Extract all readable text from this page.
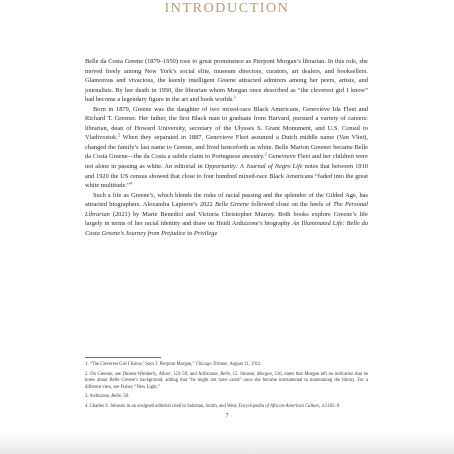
INTRODUCTION

Belle da Costa Greene (1879–1950) rose to great prominence as Pierpont Morgan’s librarian. In this role, she moved freely among New York’s social elite, museum directors, curators, art dealers, and booksellers. Glamorous and vivacious, the keenly intelligent Greene attracted admirers among her peers, artists, and journalists. By her death in 1950, the librarian whom Morgan once described as “the cleverest girl I know” had become a legendary figure in the art and book worlds.$^1$

Born in 1879, Greene was the daughter of two mixed-race Black Americans, Genevieve Ida Fleet and Richard T. Greener. Her father, the first Black man to graduate from Harvard, pursued a variety of careers: librarian, dean of Howard University, secretary of the Ulysses S. Grant Monument, and U.S. Consul to Vladivostok.$^2$ When they separated in 1887, Genevieve Fleet assumed a Dutch middle name (Van Vliet), changed the family’s last name to Greene, and lived henceforth as white. Belle Marion Greener became Belle da Costa Greene—the da Costa a subtle claim to Portuguese ancestry.$^3$ Genevieve Fleet and her children were not alone in passing as white. An editorial in Opportunity: A Journal of Negro Life notes that between 1910 and 1920 the US census showed that close to four hundred mixed-race Black Americans “faded into the great white multitude.”$^4$

Such a life as Greene’s, which blends the risks of racial passing and the splendor of the Gilded Age, has attracted biographers. Alexandra Lapierre’s 2022 Belle Greene followed close on the heels of The Personal Librarian (2021) by Marie Benedict and Victoria Christopher Murray. Both books explore Greene’s life largely in terms of her racial identity and draw on Heidi Ardizzone’s biography An Illuminated Life: Belle da Costa Greene’s Journey from Prejudice to Privilege

1. “The Cleverest Girl I Know,’ Says J. Pierpont Morgan,” Chicago Tribune, August 11, 1912.

2. On Greener, see Dineen-Wimberly, Allure, 123–59, and Ardizzone, Belle, 15. Strouse, Morgan, 516, notes that Morgan left no indication that he knew about Belle Greene’s background, adding that “he might not have cared” once she became instrumental to maintaining the library. For a different view, see Fisher, “New Light.”

3. Ardizzone, Belle, 58.

4. Charles S. Johnson in an unsigned editorial cited in Salzman, Smith, and West, Encyclopedia of African-American Culture, 4:2105–9.

7
